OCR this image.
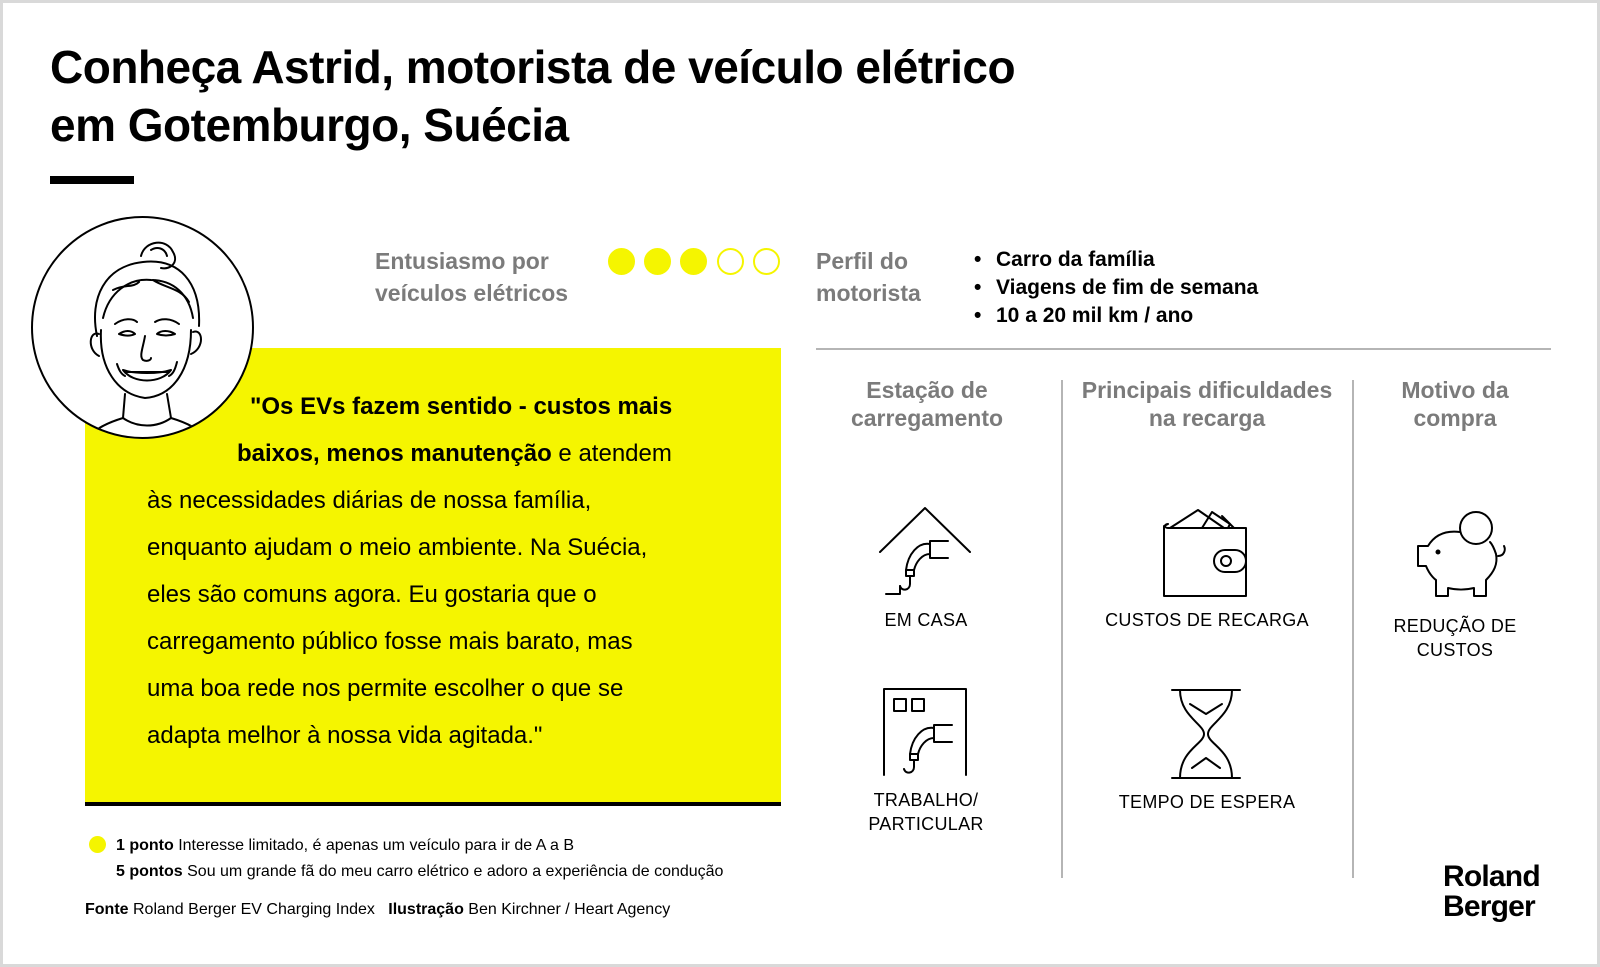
Conheça Astrid, motorista de veículo elétrico
em Gotemburgo, Suécia
"Os EVs fazem sentido - custos mais
baixos, menos manutenção e atendem
às necessidades diárias de nossa família,
enquanto ajudam o meio ambiente. Na Suécia,
eles são comuns agora. Eu gostaria que o
carregamento público fosse mais barato, mas
uma boa rede nos permite escolher o que se
adapta melhor à nossa vida agitada."
Entusiasmo por
veículos elétricos
Perfil do
motorista
• Carro da família
• Viagens de fim de semana
• 10 a 20 mil km / ano
Estação de
carregamento
Principais dificuldades
na recarga
Motivo da
compra
EM CASA
TRABALHO/
PARTICULAR
CUSTOS DE RECARGA
TEMPO DE ESPERA
REDUÇÃO DE
CUSTOS
1 ponto Interesse limitado, é apenas um veículo para ir de A a B
5 pontos Sou um grande fã do meu carro elétrico e adoro a experiência de condução
Fonte Roland Berger EV Charging Index Ilustração Ben Kirchner / Heart Agency
Roland
Berger
